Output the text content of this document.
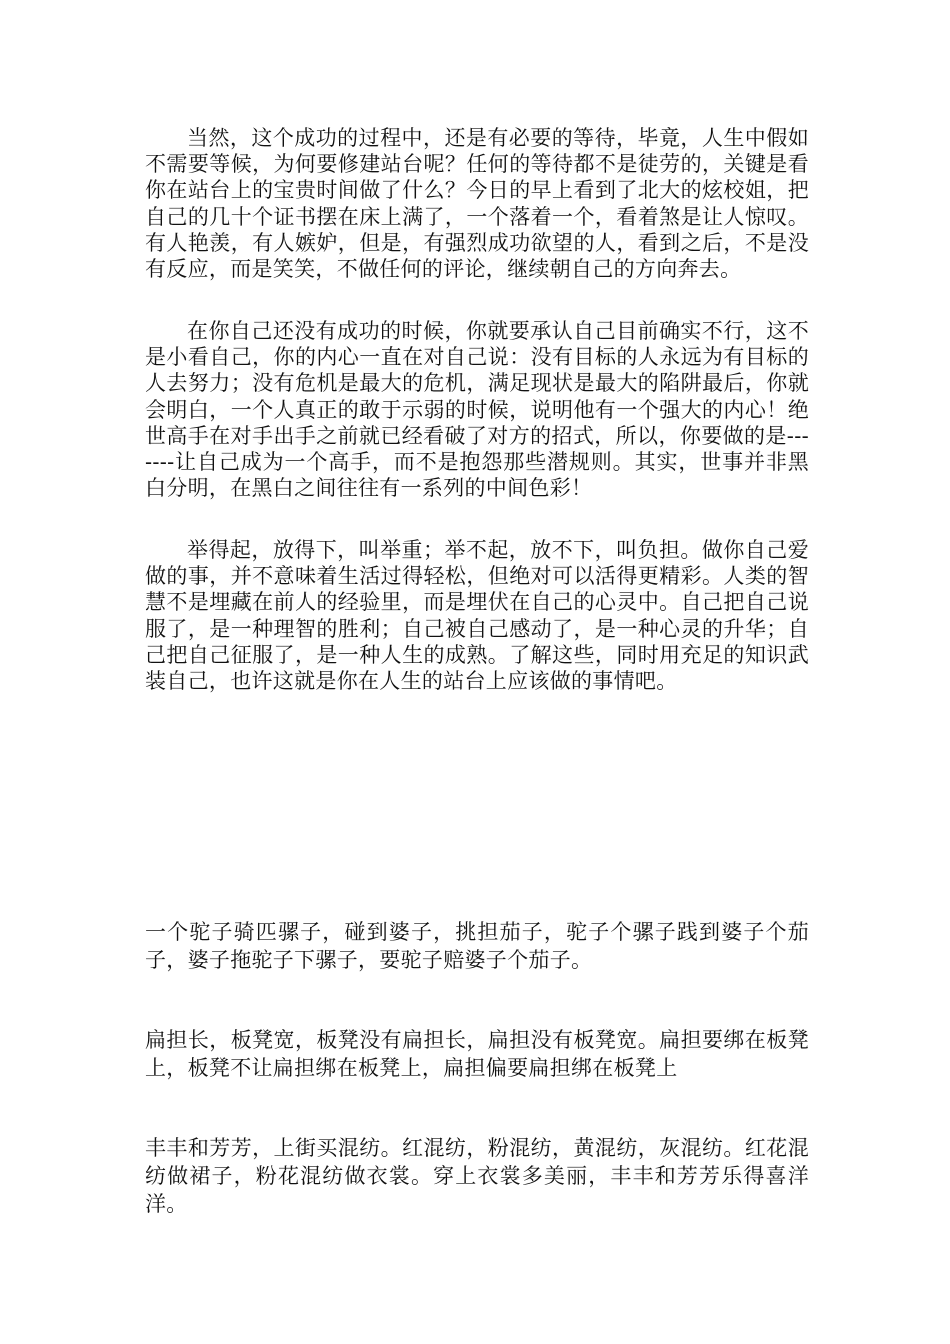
当然，这个成功的过程中，还是有必要的等待，毕竟，人生中假如不需要等候，为何要修建站台呢？任何的等待都不是徒劳的，关键是看你在站台上的宝贵时间做了什么？今日的早上看到了北大的炫校姐，把自己的几十个证书摆在床上满了，一个落着一个，看着煞是让人惊叹。有人艳羡，有人嫉妒，但是，有强烈成功欲望的人，看到之后，不是没有反应，而是笑笑，不做任何的评论，继续朝自己的方向奔去。

在你自己还没有成功的时候，你就要承认自己目前确实不行，这不是小看自己，你的内心一直在对自己说：没有目标的人永远为有目标的人去努力；没有危机是最大的危机，满足现状是最大的陷阱最后，你就会明白，一个人真正的敢于示弱的时候，说明他有一个强大的内心！绝世高手在对手出手之前就已经看破了对方的招式，所以，你要做的是-------让自己成为一个高手，而不是抱怨那些潜规则。其实，世事并非黑白分明，在黑白之间往往有一系列的中间色彩！

举得起，放得下，叫举重；举不起，放不下，叫负担。做你自己爱做的事，并不意味着生活过得轻松，但绝对可以活得更精彩。人类的智慧不是埋藏在前人的经验里，而是埋伏在自己的心灵中。自己把自己说服了，是一种理智的胜利；自己被自己感动了，是一种心灵的升华；自己把自己征服了，是一种人生的成熟。了解这些，同时用充足的知识武装自己，也许这就是你在人生的站台上应该做的事情吧。

一个驼子骑匹骡子，碰到婆子，挑担茄子，驼子个骡子践到婆子个茄子，婆子拖驼子下骡子，要驼子赔婆子个茄子。

扁担长，板凳宽，板凳没有扁担长，扁担没有板凳宽。扁担要绑在板凳上，板凳不让扁担绑在板凳上，扁担偏要扁担绑在板凳上

丰丰和芳芳，上街买混纺。红混纺，粉混纺，黄混纺，灰混纺。红花混纺做裙子，粉花混纺做衣裳。穿上衣裳多美丽，丰丰和芳芳乐得喜洋洋。
